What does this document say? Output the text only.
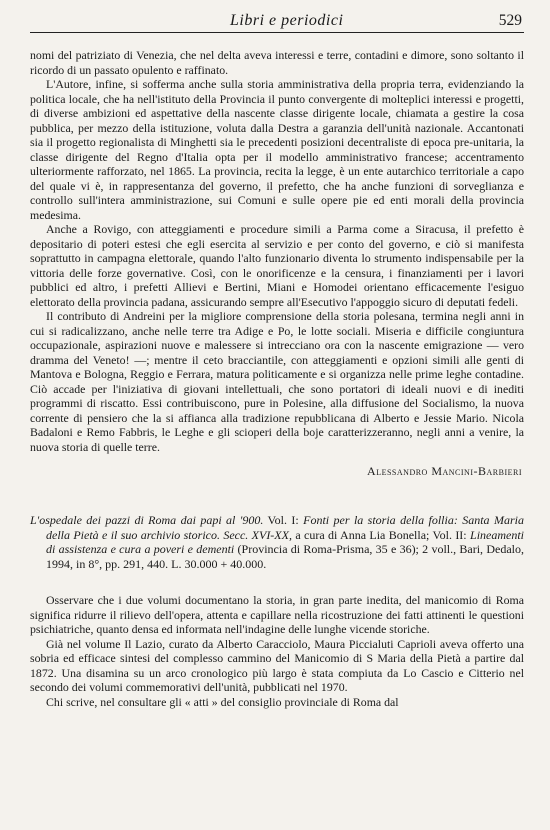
Libri e periodici	529

nomi del patriziato di Venezia, che nel delta aveva interessi e terre, contadini e dimore, sono soltanto il ricordo di un passato opulento e raffinato.

L'Autore, infine, si sofferma anche sulla storia amministrativa della propria terra, evidenziando la politica locale, che ha nell'istituto della Provincia il punto convergente di molteplici interessi e progetti, di diverse ambizioni ed aspettative della nascente classe dirigente locale, chiamata a gestire la cosa pubblica, per mezzo della istituzione, voluta dalla Destra a garanzia dell'unità nazionale. Accantonati sia il progetto regionalista di Minghetti sia le precedenti posizioni decentraliste di epoca pre-unitaria, la classe dirigente del Regno d'Italia opta per il modello amministrativo francese; accentramento ulteriormente rafforzato, nel 1865. La provincia, recita la legge, è un ente autarchico territoriale a capo del quale vi è, in rappresentanza del governo, il prefetto, che ha anche funzioni di sorveglianza e controllo sull'intera amministrazione, sui Comuni e sulle opere pie ed enti morali della provincia medesima.

Anche a Rovigo, con atteggiamenti e procedure simili a Parma come a Siracusa, il prefetto è depositario di poteri estesi che egli esercita al servizio e per conto del governo, e ciò si manifesta soprattutto in campagna elettorale, quando l'alto funzionario diventa lo strumento indispensabile per la vittoria delle forze governative. Così, con le onorificenze e la censura, i finanziamenti per i lavori pubblici ed altro, i prefetti Allievi e Bertini, Miani e Homodei orientano efficacemente l'esiguo elettorato della provincia padana, assicurando sempre all'Esecutivo l'appoggio sicuro di deputati fedeli.

Il contributo di Andreini per la migliore comprensione della storia polesana, termina negli anni in cui si radicalizzano, anche nelle terre tra Adige e Po, le lotte sociali. Miseria e difficile congiuntura occupazionale, aspirazioni nuove e malessere si intrecciano ora con la nascente emigrazione — vero dramma del Veneto! —; mentre il ceto bracciantile, con atteggiamenti e opzioni simili alle genti di Mantova e Bologna, Reggio e Ferrara, matura politicamente e si organizza nelle prime leghe contadine. Ciò accade per l'iniziativa di giovani intellettuali, che sono portatori di ideali nuovi e di inediti programmi di riscatto. Essi contribuiscono, pure in Polesine, alla diffusione del Socialismo, la nuova corrente di pensiero che la si affianca alla tradizione repubblicana di Alberto e Jessie Mario. Nicola Badaloni e Remo Fabbris, le Leghe e gli scioperi della boje caratterizzeranno, negli anni a venire, la nuova storia di quelle terre.

Alessandro Mancini-Barbieri
L'ospedale dei pazzi di Roma dai papi al '900. Vol. I: Fonti per la storia della follia: Santa Maria della Pietà e il suo archivio storico. Secc. XVI-XX, a cura di Anna Lia Bonella; Vol. II: Lineamenti di assistenza e cura a poveri e dementi (Provincia di Roma-Prisma, 35 e 36); 2 voll., Bari, Dedalo, 1994, in 8°, pp. 291, 440. L. 30.000 + 40.000.

Osservare che i due volumi documentano la storia, in gran parte inedita, del manicomio di Roma significa ridurre il rilievo dell'opera, attenta e capillare nella ricostruzione dei fatti attinenti le questioni psichiatriche, quanto densa ed informata nell'indagine delle lunghe vicende storiche.

Già nel volume Il Lazio, curato da Alberto Caracciolo, Maura Piccialuti Caprioli aveva offerto una sobria ed efficace sintesi del complesso cammino del Manicomio di S Maria della Pietà a partire dal 1872. Una disamina su un arco cronologico più largo è stata compiuta da Lo Cascio e Citterio nel secondo dei volumi commemorativi dell'unità, pubblicati nel 1970.

Chi scrive, nel consultare gli « atti » del consiglio provinciale di Roma dal
